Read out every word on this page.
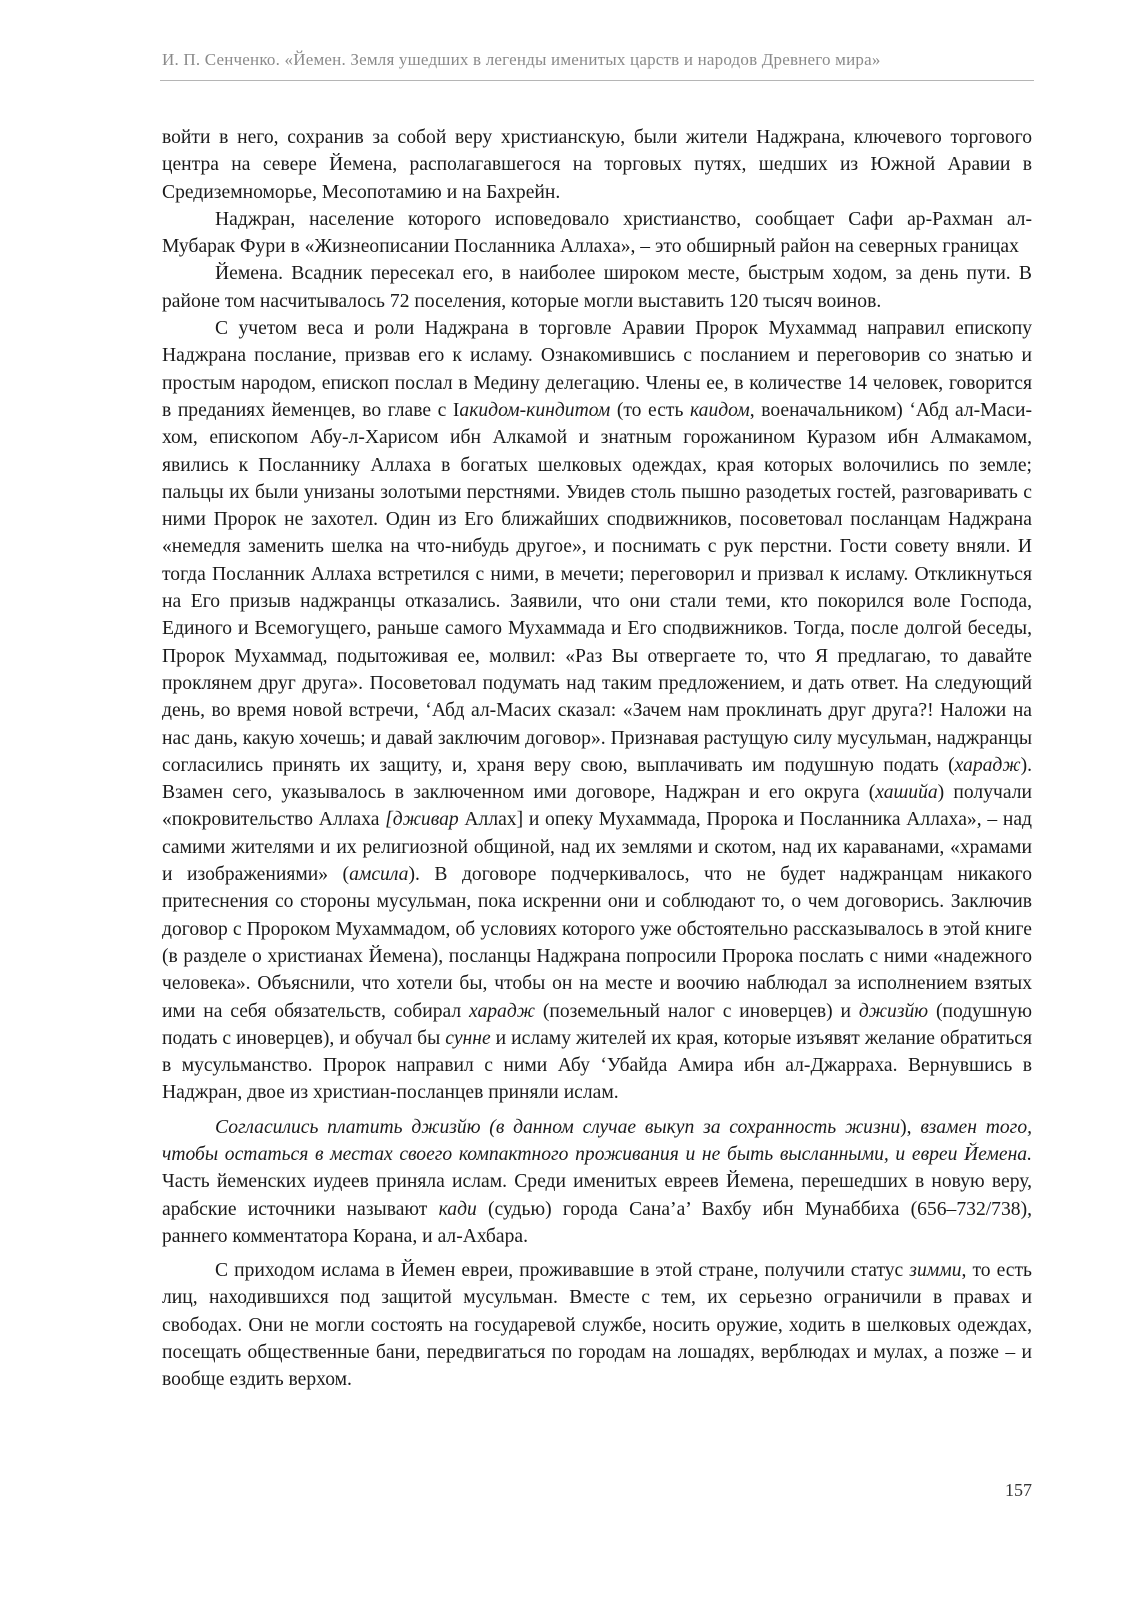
И. П. Сенченко. «Йемен. Земля ушедших в легенды именитых царств и народов Древнего мира»

войти в него, сохранив за собой веру христианскую, были жители Наджрана, ключевого торгового центра на севере Йемена, располагавшегося на торговых путях, шедших из Южной Аравии в Средиземноморье, Месопотамию и на Бахрейн.

Наджран, население которого исповедовало христианство, сообщает Сафи ар-Рахман ал-Мубарак Фури в «Жизнеописании Посланника Аллаха», – это обширный район на северных границах

Йемена. Всадник пересекал его, в наиболее широком месте, быстрым ходом, за день пути. В районе том насчитывалось 72 поселения, которые могли выставить 120 тысяч воинов.

С учетом веса и роли Наджрана в торговле Аравии Пророк Мухаммад направил епископу Наджрана послание, призвав его к исламу. Ознакомившись с посланием и переговорив со знатью и простым народом, епископ послал в Медину делегацию. Члены ее, в количестве 14 человек, говорится в преданиях йеменцев, во главе с Іакидом-киндитом (то есть каидом, военачальником) ‘Абд ал-Маси-хом, епископом Абу-л-Харисом ибн Алкамой и знатным горожанином Куразом ибн Алмакамом, явились к Посланнику Аллаха в богатых шелковых одеждах, края которых волочились по земле; пальцы их были унизаны золотыми перстнями. Увидев столь пышно разодетых гостей, разговаривать с ними Пророк не захотел. Один из Его ближайших сподвижников, посоветовал посланцам Наджрана «немедля заменить шелка на что-нибудь другое», и поснимать с рук перстни. Гости совету вняли. И тогда Посланник Аллаха встретился с ними, в мечети; переговорил и призвал к исламу. Откликнуться на Его призыв наджранцы отказались. Заявили, что они стали теми, кто покорился воле Господа, Единого и Всемогущего, раньше самого Мухаммада и Его сподвижников. Тогда, после долгой беседы, Пророк Мухаммад, подытоживая ее, молвил: «Раз Вы отвергаете то, что Я предлагаю, то давайте проклянем друг друга». Посоветовал подумать над таким предложением, и дать ответ. На следующий день, во время новой встречи, ‘Абд ал-Масих сказал: «Зачем нам проклинать друг друга?! Наложи на нас дань, какую хочешь; и давай заключим договор». Признавая растущую силу мусульман, наджранцы согласились принять их защиту, и, храня веру свою, выплачивать им подушную подать (харадж). Взамен сего, указывалось в заключенном ими договоре, Наджран и его округа (хашийа) получали «покровительство Аллаха [дживар Аллах] и опеку Мухаммада, Пророка и Посланника Аллаха», – над самими жителями и их религиозной общиной, над их землями и скотом, над их караванами, «храмами и изображениями» (амсила). В договоре подчеркивалось, что не будет наджранцам никакого притеснения со стороны мусульман, пока искренни они и соблюдают то, о чем договорись. Заключив договор с Пророком Мухаммадом, об условиях которого уже обстоятельно рассказывалось в этой книге (в разделе о христианах Йемена), посланцы Наджрана попросили Пророка послать с ними «надежного человека». Объяснили, что хотели бы, чтобы он на месте и воочию наблюдал за исполнением взятых ими на себя обязательств, собирал харадж (поземельный налог с иноверцев) и джизйю (подушную подать с иноверцев), и обучал бы сунне и исламу жителей их края, которые изъявят желание обратиться в мусульманство. Пророк направил с ними Абу ‘Убайда Амира ибн ал-Джарраха. Вернувшись в Наджран, двое из христиан-посланцев приняли ислам.

Согласились платить джизйю (в данном случае выкуп за сохранность жизни), взамен того, чтобы остаться в местах своего компактного проживания и не быть высланными, и евреи Йемена. Часть йеменских иудеев приняла ислам. Среди именитых евреев Йемена, перешедших в новую веру, арабские источники называют кади (судью) города Сана’а’ Вахбу ибн Мунаббиха (656–732/738), раннего комментатора Корана, и ал-Ахбара.

С приходом ислама в Йемен евреи, проживавшие в этой стране, получили статус зимми, то есть лиц, находившихся под защитой мусульман. Вместе с тем, их серьезно ограничили в правах и свободах. Они не могли состоять на государевой службе, носить оружие, ходить в шелковых одеждах, посещать общественные бани, передвигаться по городам на лошадях, верблюдах и мулах, а позже – и вообще ездить верхом.

157
